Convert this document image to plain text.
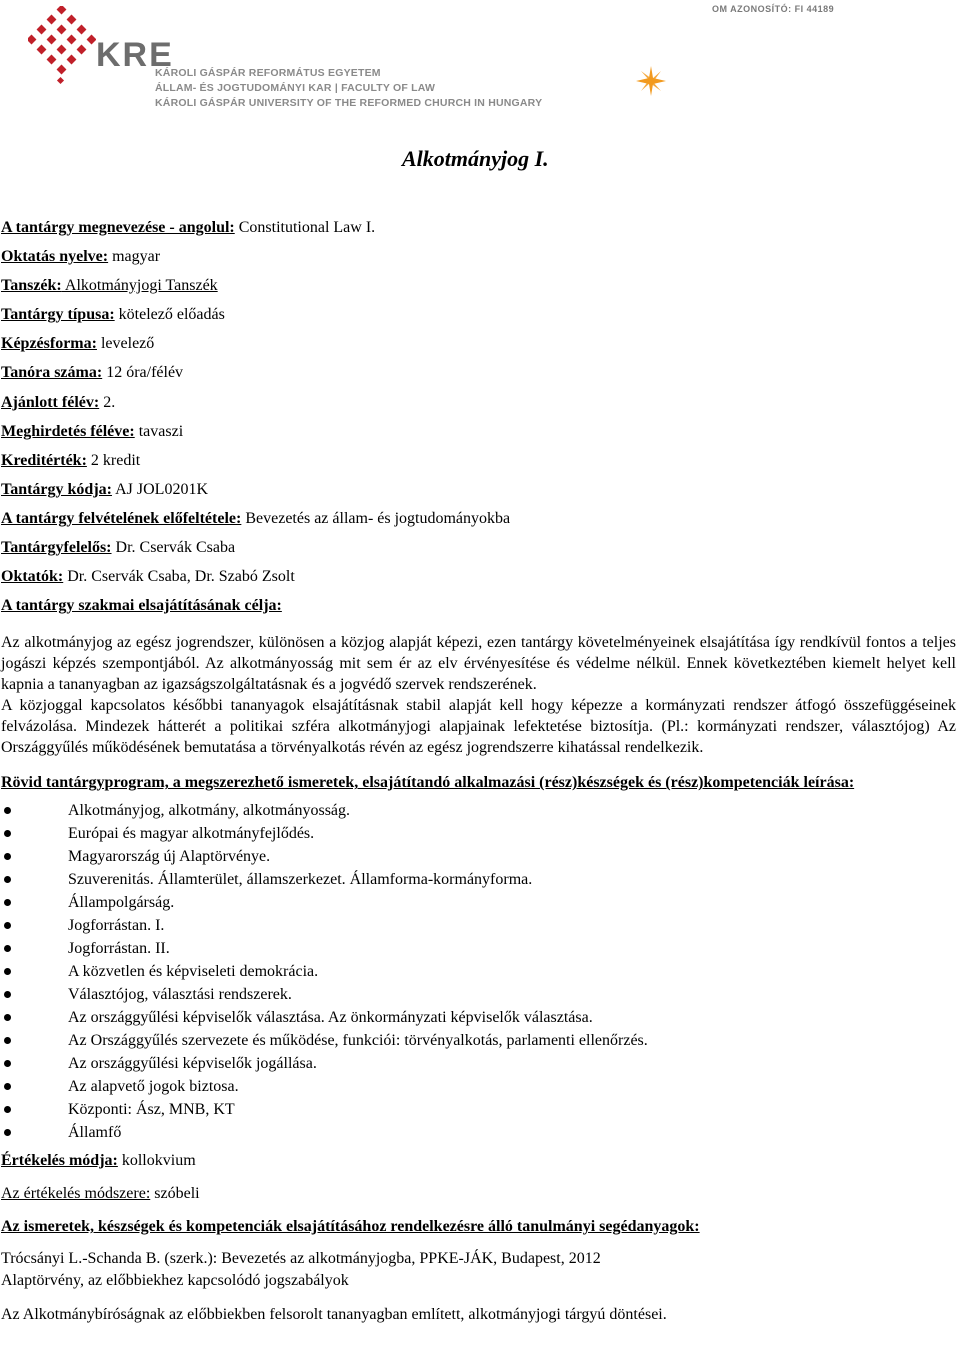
OM AZONOSÍTÓ: FI 44189
KRE
KÁROLI GÁSPÁR REFORMÁTUS EGYETEM
ÁLLAM- ÉS JOGTUDOMÁNYI KAR | FACULTY OF LAW
KÁROLI GÁSPÁR UNIVERSITY OF THE REFORMED CHURCH IN HUNGARY
Alkotmányjog I.
A tantárgy megnevezése - angolul: Constitutional Law I.
Oktatás nyelve: magyar
Tanszék: Alkotmányjogi Tanszék
Tantárgy típusa: kötelező előadás
Képzésforma: levelező
Tanóra száma: 12 óra/félév
Ajánlott félév: 2.
Meghirdetés féléve: tavaszi
Kreditérték: 2 kredit
Tantárgy kódja: AJ JOL0201K
A tantárgy felvételének előfeltétele: Bevezetés az állam- és jogtudományokba
Tantárgyfelelős: Dr. Cservák Csaba
Oktatók: Dr. Cservák Csaba, Dr. Szabó Zsolt
A tantárgy szakmai elsajátításának célja:

Az alkotmányjog az egész jogrendszer, különösen a közjog alapját képezi, ezen tantárgy követelményeinek elsajátítása így rendkívül fontos a teljes jogászi képzés szempontjából. Az alkotmányosság mit sem ér az elv érvényesítése és védelme nélkül. Ennek következtében kiemelt helyet kell kapnia a tananyagban az igazságszolgáltatásnak és a jogvédő szervek rendszerének.

A közjoggal kapcsolatos későbbi tananyagok elsajátításnak stabil alapját kell hogy képezze a kormányzati rendszer átfogó összefüggéseinek felvázolása. Mindezek hátterét a politikai szféra alkotmányjogi alapjainak lefektetése biztosítja. (Pl.: kormányzati rendszer, választójog) Az Országgyűlés működésének bemutatása a törvényalkotás révén az egész jogrendszerre kihatással rendelkezik.

Rövid tantárgyprogram, a megszerezhető ismeretek, elsajátítandó alkalmazási (rész)készségek és (rész)kompetenciák leírása:
Alkotmányjog, alkotmány, alkotmányosság.
Európai és magyar alkotmányfejlődés.
Magyarország új Alaptörvénye.
Szuverenitás. Államterület, államszerkezet. Államforma-kormányforma.
Állampolgárság.
Jogforrástan. I.
Jogforrástan. II.
A közvetlen és képviseleti demokrácia.
Választójog, választási rendszerek.
Az országgyűlési képviselők választása. Az önkormányzati képviselők választása.
Az Országgyűlés szervezete és működése, funkciói: törvényalkotás, parlamenti ellenőrzés.
Az országgyűlési képviselők jogállása.
Az alapvető jogok biztosa.
Központi: Ász, MNB, KT
Államfő
Értékelés módja: kollokvium
Az értékelés módszere: szóbeli
Az ismeretek, készségek és kompetenciák elsajátításához rendelkezésre álló tanulmányi segédanyagok:
Trócsányi L.-Schanda B. (szerk.): Bevezetés az alkotmányjogba, PPKE-JÁK, Budapest, 2012
Alaptörvény, az előbbiekhez kapcsolódó jogszabályok
Az Alkotmánybíróságnak az előbbiekben felsorolt tananyagban említett, alkotmányjogi tárgyú döntései.
